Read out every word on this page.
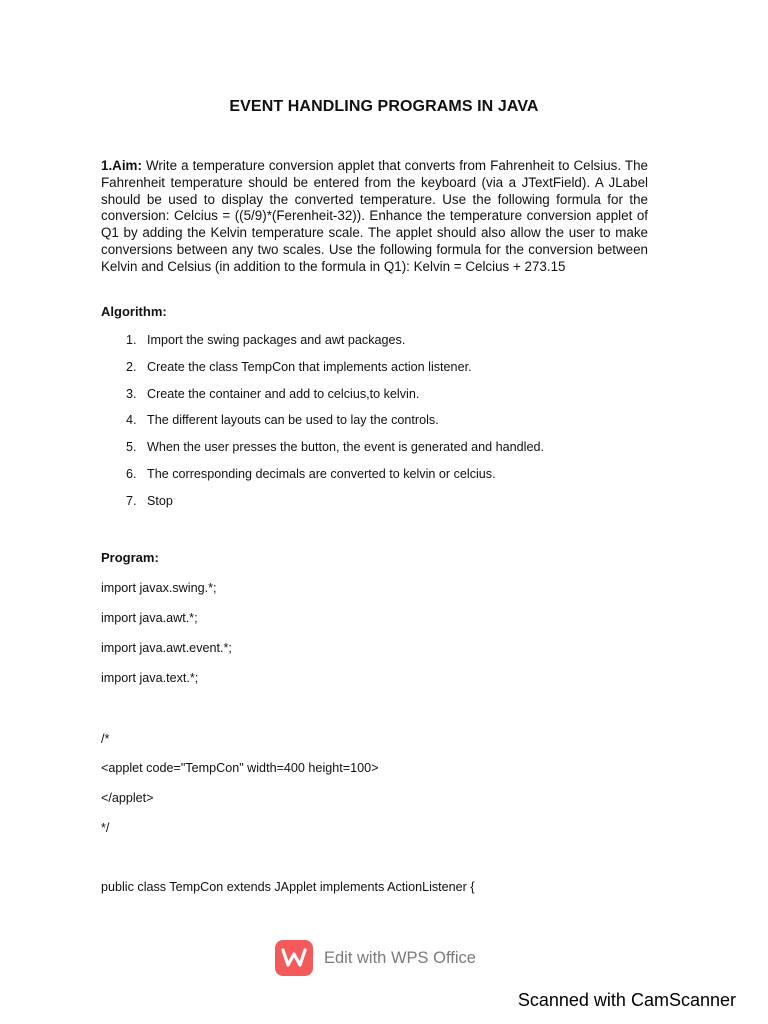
EVENT HANDLING PROGRAMS IN JAVA
1.Aim: Write a temperature conversion applet that converts from Fahrenheit to Celsius. The Fahrenheit temperature should be entered from the keyboard (via a JTextField). A JLabel should be used to display the converted temperature. Use the following formula for the conversion: Celcius = ((5/9)*(Ferenheit-32)). Enhance the temperature conversion applet of Q1 by adding the Kelvin temperature scale. The applet should also allow the user to make conversions between any two scales. Use the following formula for the conversion between Kelvin and Celsius (in addition to the formula in Q1): Kelvin = Celcius + 273.15
Algorithm:
1. Import the swing packages and awt packages.
2. Create the class TempCon that implements action listener.
3. Create the container and add to celcius,to kelvin.
4. The different layouts can be used to lay the controls.
5. When the user presses the button, the event is generated and handled.
6. The corresponding decimals are converted to kelvin or celcius.
7. Stop
Program:
import javax.swing.*;
import java.awt.*;
import java.awt.event.*;
import java.text.*;
/*
<applet code="TempCon" width=400 height=100>
</applet>
*/
public class TempCon extends JApplet implements ActionListener {
Edit with WPS Office
Scanned with CamScanner
